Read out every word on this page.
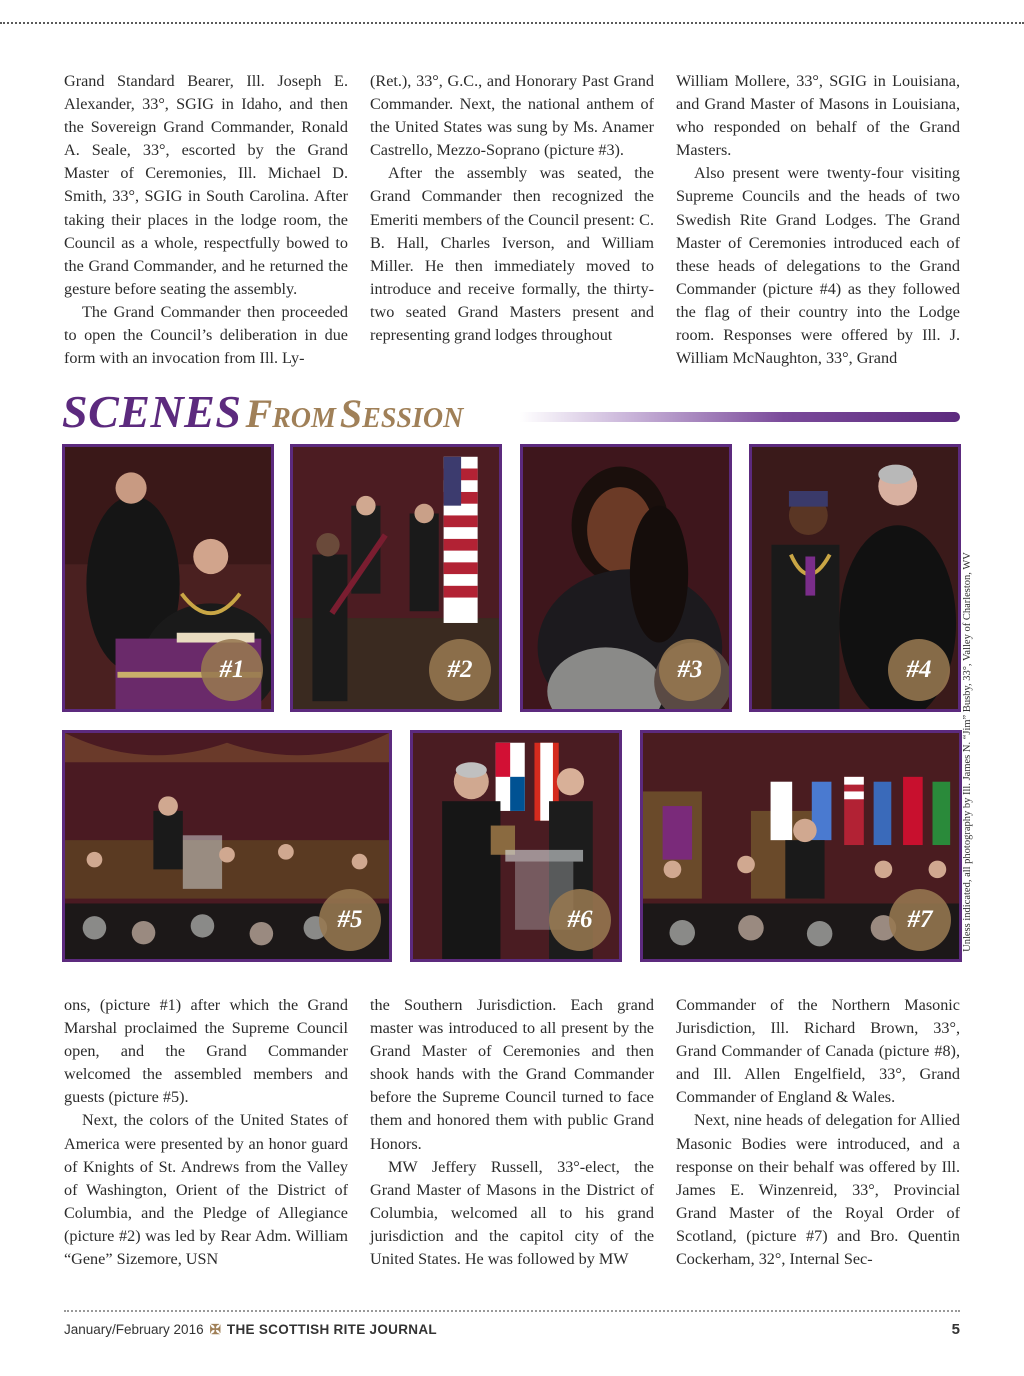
Grand Standard Bearer, Ill. Joseph E. Alexander, 33°, SGIG in Idaho, and then the Sovereign Grand Commander, Ronald A. Seale, 33°, escorted by the Grand Master of Ceremonies, Ill. Michael D. Smith, 33°, SGIG in South Carolina. After taking their places in the lodge room, the Council as a whole, respectfully bowed to the Grand Commander, and he returned the gesture before seating the assembly.

The Grand Commander then proceeded to open the Council’s deliberation in due form with an invocation from Ill. Ly-

(Ret.), 33°, G.C., and Honorary Past Grand Commander. Next, the national anthem of the United States was sung by Ms. Anamer Castrello, Mezzo-Soprano (picture #3).

After the assembly was seated, the Grand Commander then recognized the Emeriti members of the Council present: C. B. Hall, Charles Iverson, and William Miller. He then immediately moved to introduce and receive formally, the thirty-two seated Grand Masters present and representing grand lodges throughout

William Mollere, 33°, SGIG in Louisiana, and Grand Master of Masons in Louisiana, who responded on behalf of the Grand Masters.

Also present were twenty-four visiting Supreme Councils and the heads of two Swedish Rite Grand Lodges. The Grand Master of Ceremonies introduced each of these heads of delegations to the Grand Commander (picture #4) as they followed the flag of their country into the Lodge room. Responses were offered by Ill. J. William McNaughton, 33°, Grand

SCENES From Session
#1	#2	#3	#4
#5	#6	#7	Unless indicated, all photography by Ill. James N. “Jim” Busby, 33°, Valley of Charleston, WV

ons, (picture #1) after which the Grand Marshal proclaimed the Supreme Council open, and the Grand Commander welcomed the assembled members and guests (picture #5).

Next, the colors of the United States of America were presented by an honor guard of Knights of St. Andrews from the Valley of Washington, Orient of the District of Columbia, and the Pledge of Allegiance (picture #2) was led by Rear Adm. William “Gene” Sizemore, USN

the Southern Jurisdiction. Each grand master was introduced to all present by the Grand Master of Ceremonies and then shook hands with the Grand Commander before the Supreme Council turned to face them and honored them with public Grand Honors.

MW Jeffery Russell, 33°-elect, the Grand Master of Masons in the District of Columbia, welcomed all to his grand jurisdiction and the capitol city of the United States. He was followed by MW

Commander of the Northern Masonic Jurisdiction, Ill. Richard Brown, 33°, Grand Commander of Canada (picture #8), and Ill. Allen Engelfield, 33°, Grand Commander of England & Wales.

Next, nine heads of delegation for Allied Masonic Bodies were introduced, and a response on their behalf was offered by Ill. James E. Winzenreid, 33°, Provincial Grand Master of the Royal Order of Scotland, (picture #7) and Bro. Quentin Cockerham, 32°, Internal Sec-

January/February 2016 ✠ THE SCOTTISH RITE JOURNAL	5
